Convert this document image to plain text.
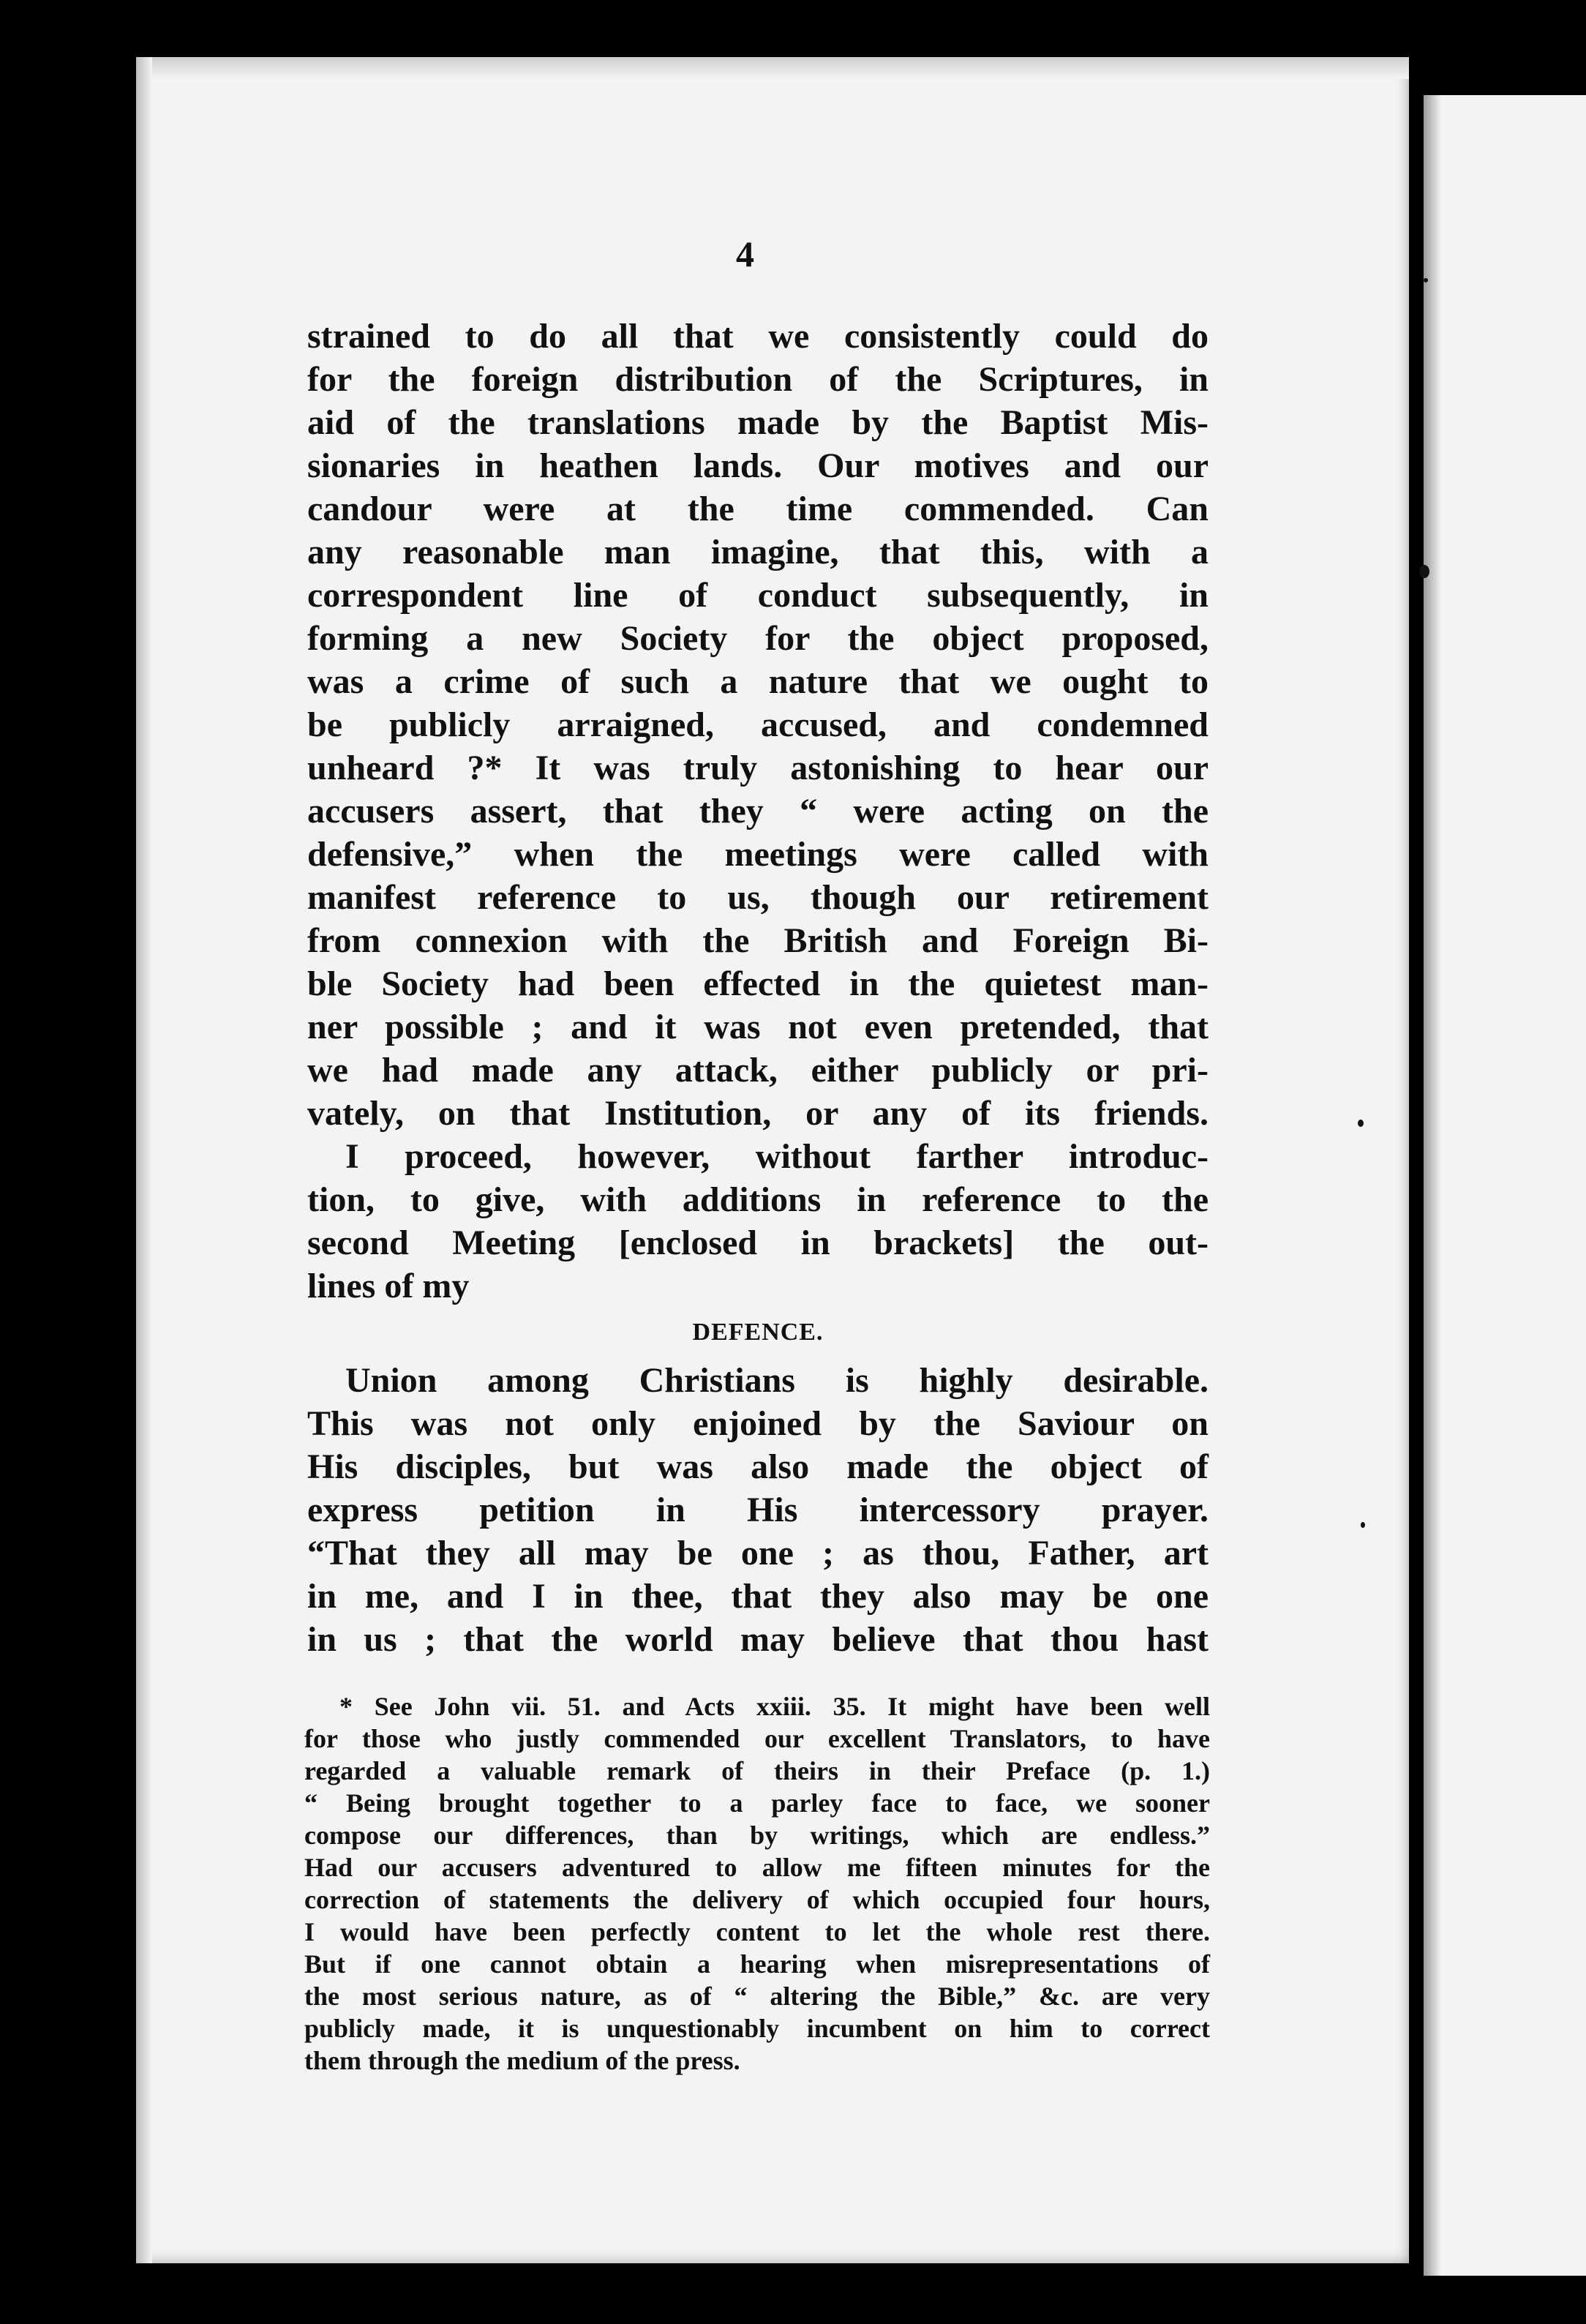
4
strained to do all that we consistently could do
for the foreign distribution of the Scriptures, in
aid of the translations made by the Baptist Mis-
sionaries in heathen lands. Our motives and our
candour were at the time commended. Can
any reasonable man imagine, that this, with a
correspondent line of conduct subsequently, in
forming a new Society for the object proposed,
was a crime of such a nature that we ought to
be publicly arraigned, accused, and condemned
unheard ?* It was truly astonishing to hear our
accusers assert, that they “ were acting on the
defensive,” when the meetings were called with
manifest reference to us, though our retirement
from connexion with the British and Foreign Bi-
ble Society had been effected in the quietest man-
ner possible ; and it was not even pretended, that
we had made any attack, either publicly or pri-
vately, on that Institution, or any of its friends.
I proceed, however, without farther introduc-
tion, to give, with additions in reference to the
second Meeting [enclosed in brackets] the out-
lines of my
DEFENCE.
Union among Christians is highly desirable.
This was not only enjoined by the Saviour on
His disciples, but was also made the object of
express petition in His intercessory prayer.
“That they all may be one ; as thou, Father, art
in me, and I in thee, that they also may be one
in us ; that the world may believe that thou hast
* See John vii. 51. and Acts xxiii. 35. It might have been well
for those who justly commended our excellent Translators, to have
regarded a valuable remark of theirs in their Preface (p. 1.)
“ Being brought together to a parley face to face, we sooner
compose our differences, than by writings, which are endless.”
Had our accusers adventured to allow me fifteen minutes for the
correction of statements the delivery of which occupied four hours,
I would have been perfectly content to let the whole rest there.
But if one cannot obtain a hearing when misrepresentations of
the most serious nature, as of “ altering the Bible,” &c. are very
publicly made, it is unquestionably incumbent on him to correct
them through the medium of the press.
